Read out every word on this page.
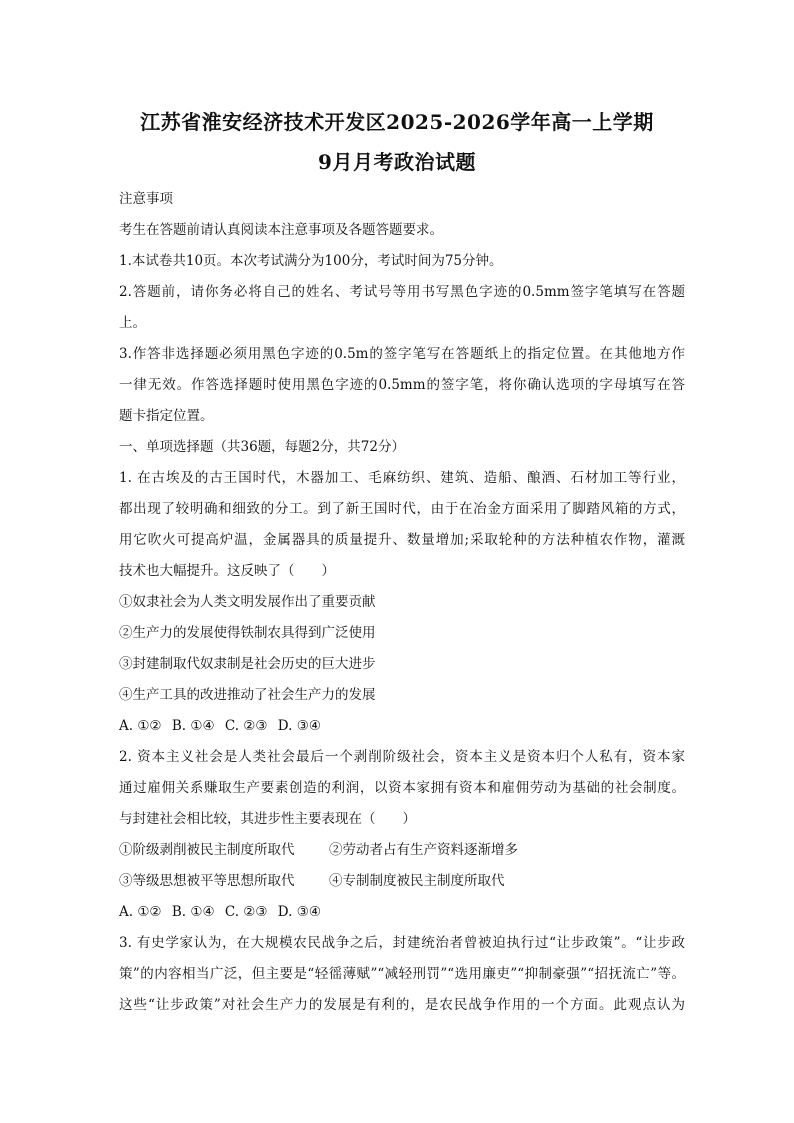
江苏省淮安经济技术开发区2025-2026学年高一上学期
9月月考政治试题
注意事项
考生在答题前请认真阅读本注意事项及各题答题要求。
1.本试卷共10页。本次考试满分为100分，考试时间为75分钟。
2.答题前，请你务必将自己的姓名、考试号等用书写黑色字迹的0.5mm签字笔填写在答题
上。
3.作答非选择题必须用黑色字迹的0.5m的签字笔写在答题纸上的指定位置。在其他地方作
一律无效。作答选择题时使用黑色字迹的0.5mm的签字笔，将你确认选项的字母填写在答
题卡指定位置。
一、单项选择题（共36题，每题2分，共72分）
1. 在古埃及的古王国时代，木器加工、毛麻纺织、建筑、造船、酿酒、石材加工等行业，
都出现了较明确和细致的分工。到了新王国时代，由于在冶金方面采用了脚踏风箱的方式，
用它吹火可提高炉温，金属器具的质量提升、数量增加;采取轮种的方法种植农作物，灌溉
技术也大幅提升。这反映了（　　）
①奴隶社会为人类文明发展作出了重要贡献
②生产力的发展使得铁制农具得到广泛使用
③封建制取代奴隶制是社会历史的巨大进步
④生产工具的改进推动了社会生产力的发展
A. ①② B. ①④ C. ②③ D. ③④
2. 资本主义社会是人类社会最后一个剥削阶级社会，资本主义是资本归个人私有，资本家
通过雇佣关系赚取生产要素创造的利润，以资本家拥有资本和雇佣劳动为基础的社会制度。
与封建社会相比较，其进步性主要表现在（　　）
①阶级剥削被民主制度所取代	②劳动者占有生产资料逐渐增多
③等级思想被平等思想所取代	④专制制度被民主制度所取代
A. ①② B. ①④ C. ②③ D. ③④
3. 有史学家认为，在大规模农民战争之后，封建统治者曾被迫执行过“让步政策”。“让步政
策”的内容相当广泛，但主要是“轻徭薄赋”“减轻刑罚”“选用廉吏”“抑制豪强”“招抚流亡”等。
这些“让步政策”对社会生产力的发展是有利的，是农民战争作用的一个方面。此观点认为
